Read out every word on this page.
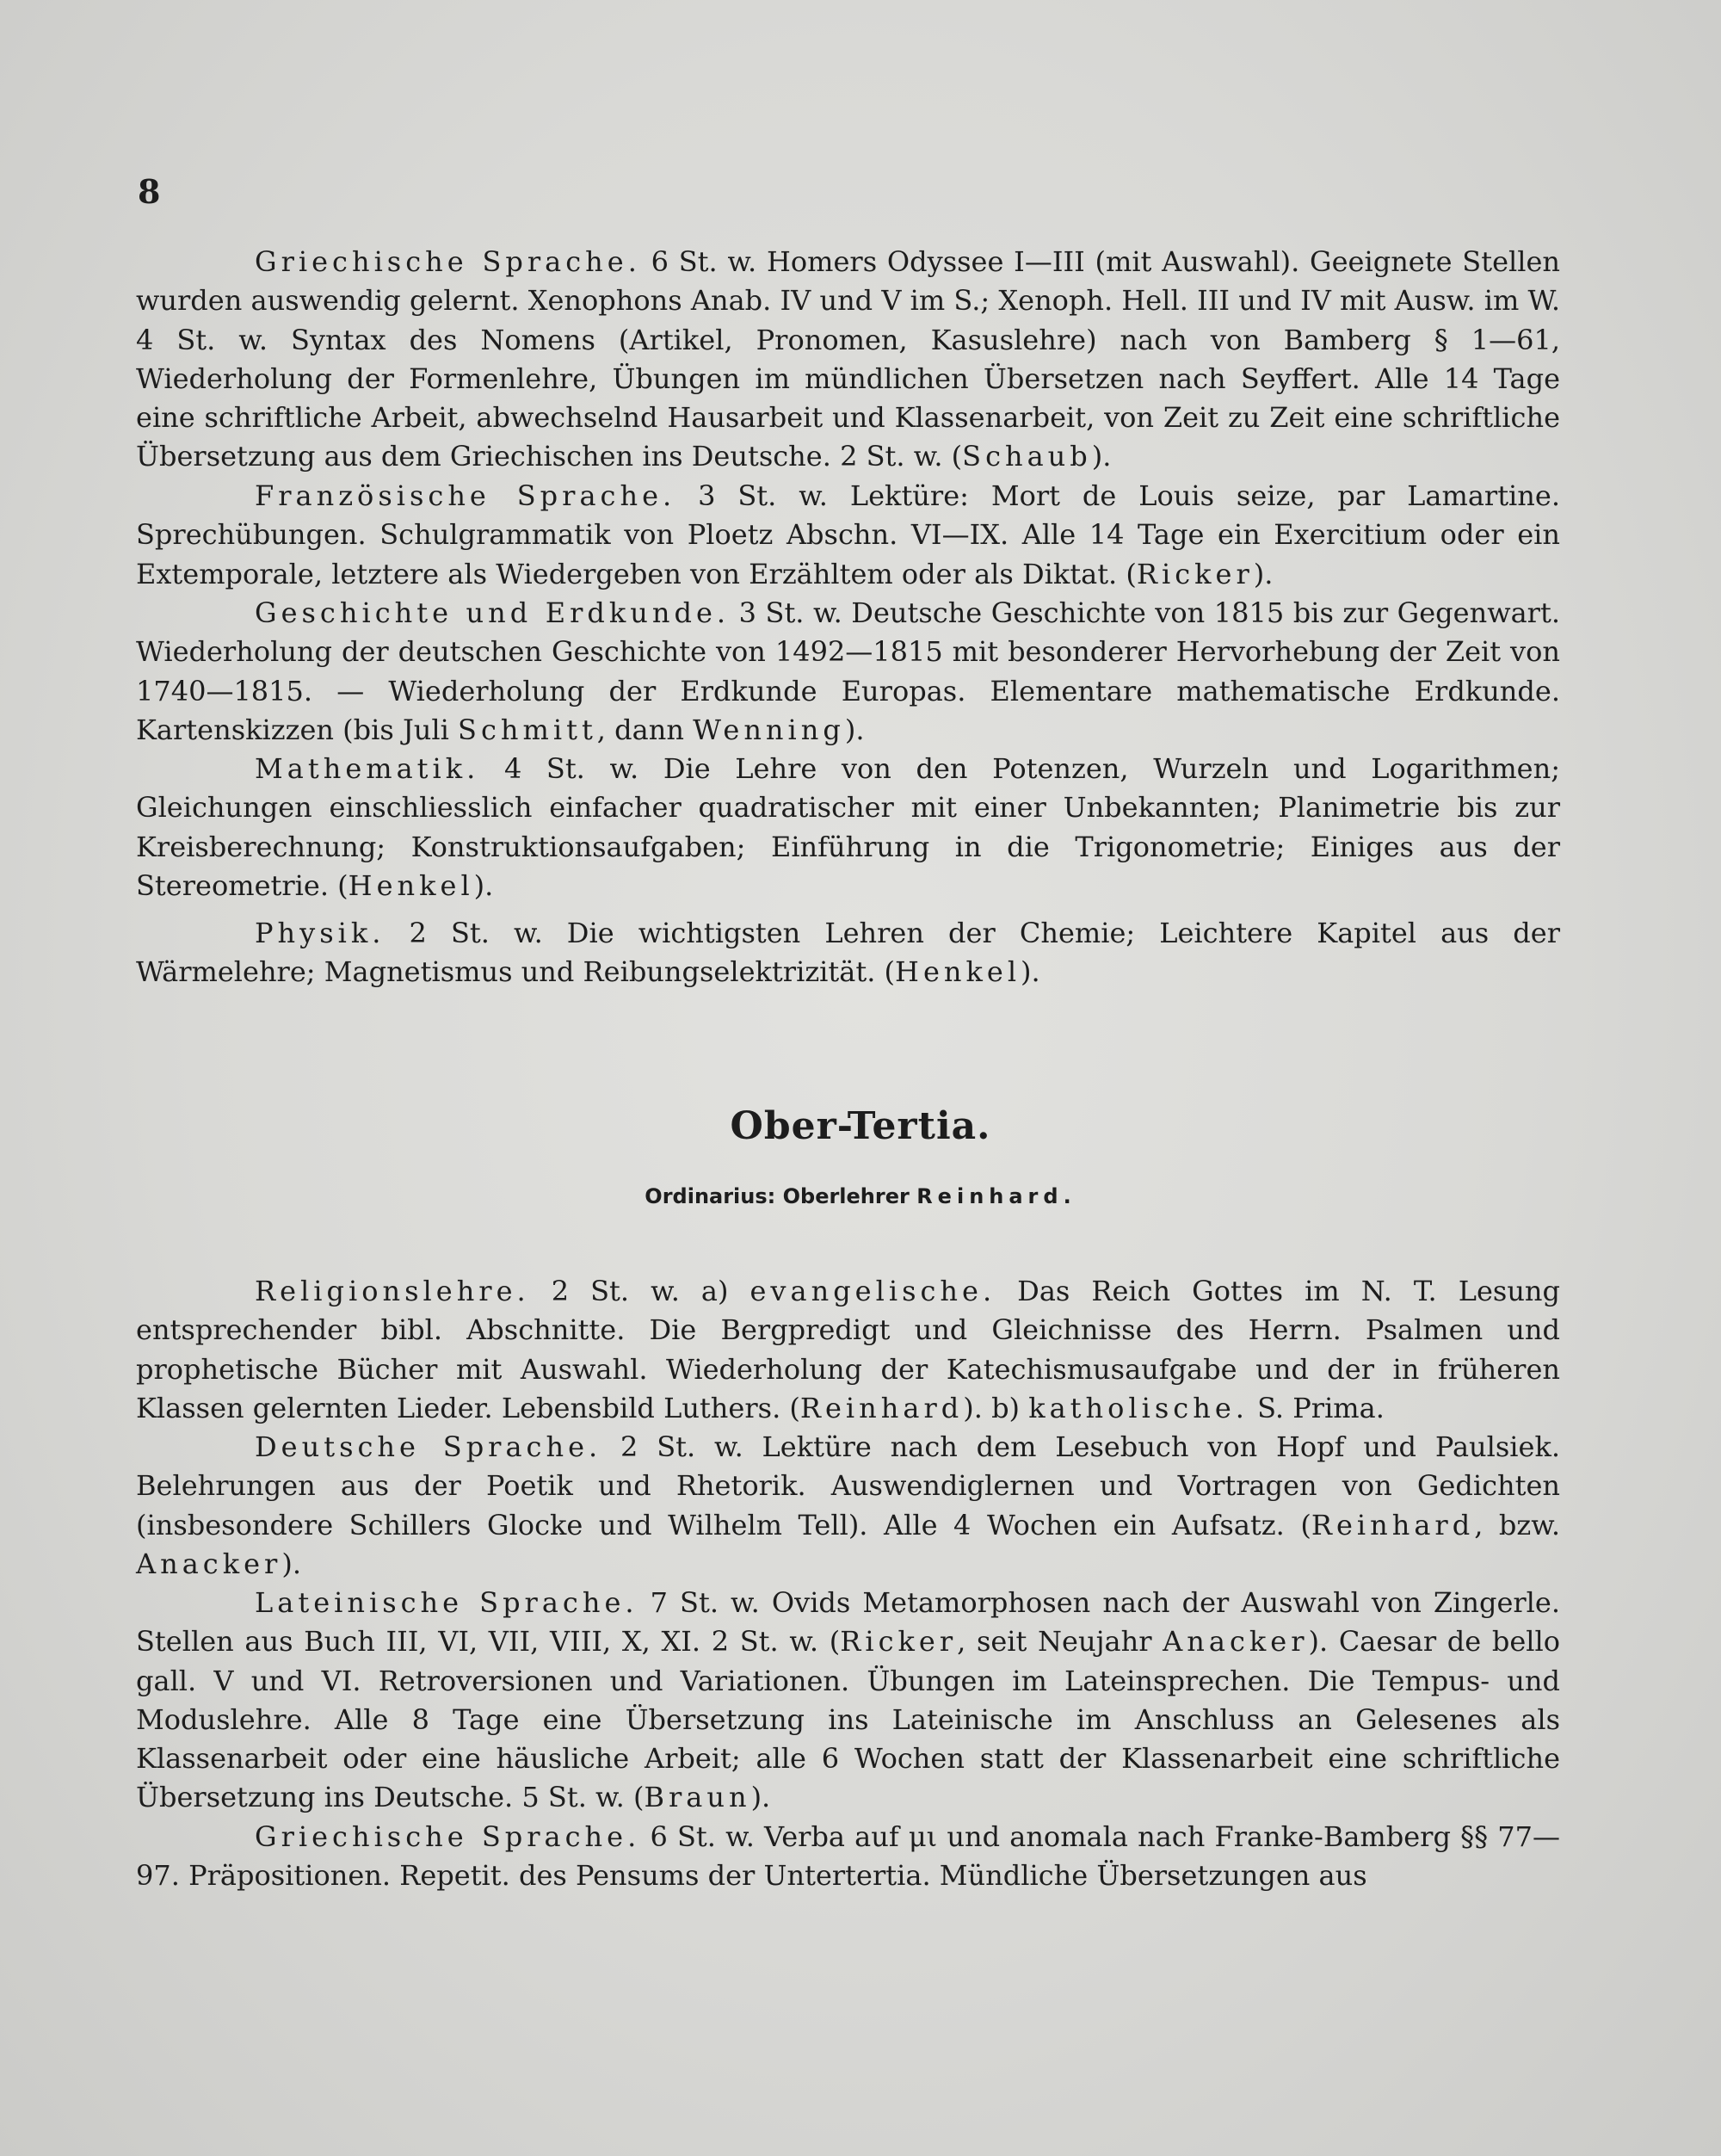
8

Griechische Sprache. 6 St. w. Homers Odyssee I—III (mit Auswahl). Geeignete Stellen wurden auswendig gelernt. Xenophons Anab. IV und V im S.; Xenoph. Hell. III und IV mit Ausw. im W. 4 St. w. Syntax des Nomens (Artikel, Pronomen, Kasuslehre) nach von Bamberg § 1—61, Wiederholung der Formenlehre, Übungen im mündlichen Übersetzen nach Seyffert. Alle 14 Tage eine schriftliche Arbeit, abwechselnd Hausarbeit und Klassenarbeit, von Zeit zu Zeit eine schriftliche Übersetzung aus dem Griechischen ins Deutsche. 2 St. w. (Schaub).

Französische Sprache. 3 St. w. Lektüre: Mort de Louis seize, par Lamartine. Sprechübungen. Schulgrammatik von Ploetz Abschn. VI—IX. Alle 14 Tage ein Exercitium oder ein Extemporale, letztere als Wiedergeben von Erzähltem oder als Diktat. (Ricker).

Geschichte und Erdkunde. 3 St. w. Deutsche Geschichte von 1815 bis zur Gegenwart. Wiederholung der deutschen Geschichte von 1492—1815 mit besonderer Hervorhebung der Zeit von 1740—1815. — Wiederholung der Erdkunde Europas. Elementare mathematische Erdkunde. Kartenskizzen (bis Juli Schmitt, dann Wenning).

Mathematik. 4 St. w. Die Lehre von den Potenzen, Wurzeln und Logarithmen; Gleichungen einschliesslich einfacher quadratischer mit einer Unbekannten; Planimetrie bis zur Kreisberechnung; Konstruktionsaufgaben; Einführung in die Trigonometrie; Einiges aus der Stereometrie. (Henkel).

Physik. 2 St. w. Die wichtigsten Lehren der Chemie; Leichtere Kapitel aus der Wärmelehre; Magnetismus und Reibungselektrizität. (Henkel).

Ober-Tertia.
Ordinarius: Oberlehrer Reinhard.

Religionslehre. 2 St. w. a) evangelische. Das Reich Gottes im N. T. Lesung entsprechender bibl. Abschnitte. Die Bergpredigt und Gleichnisse des Herrn. Psalmen und prophetische Bücher mit Auswahl. Wiederholung der Katechismusaufgabe und der in früheren Klassen gelernten Lieder. Lebensbild Luthers. (Reinhard). b) katholische. S. Prima.

Deutsche Sprache. 2 St. w. Lektüre nach dem Lesebuch von Hopf und Paulsiek. Belehrungen aus der Poetik und Rhetorik. Auswendiglernen und Vortragen von Gedichten (insbesondere Schillers Glocke und Wilhelm Tell). Alle 4 Wochen ein Aufsatz. (Reinhard, bzw. Anacker).

Lateinische Sprache. 7 St. w. Ovids Metamorphosen nach der Auswahl von Zingerle. Stellen aus Buch III, VI, VII, VIII, X, XI. 2 St. w. (Ricker, seit Neujahr Anacker). Caesar de bello gall. V und VI. Retroversionen und Variationen. Übungen im Lateinsprechen. Die Tempus- und Moduslehre. Alle 8 Tage eine Übersetzung ins Lateinische im Anschluss an Gelesenes als Klassenarbeit oder eine häusliche Arbeit; alle 6 Wochen statt der Klassenarbeit eine schriftliche Übersetzung ins Deutsche. 5 St. w. (Braun).

Griechische Sprache. 6 St. w. Verba auf μι und anomala nach Franke-Bamberg §§ 77—97. Präpositionen. Repetit. des Pensums der Untertertia. Mündliche Übersetzungen aus
